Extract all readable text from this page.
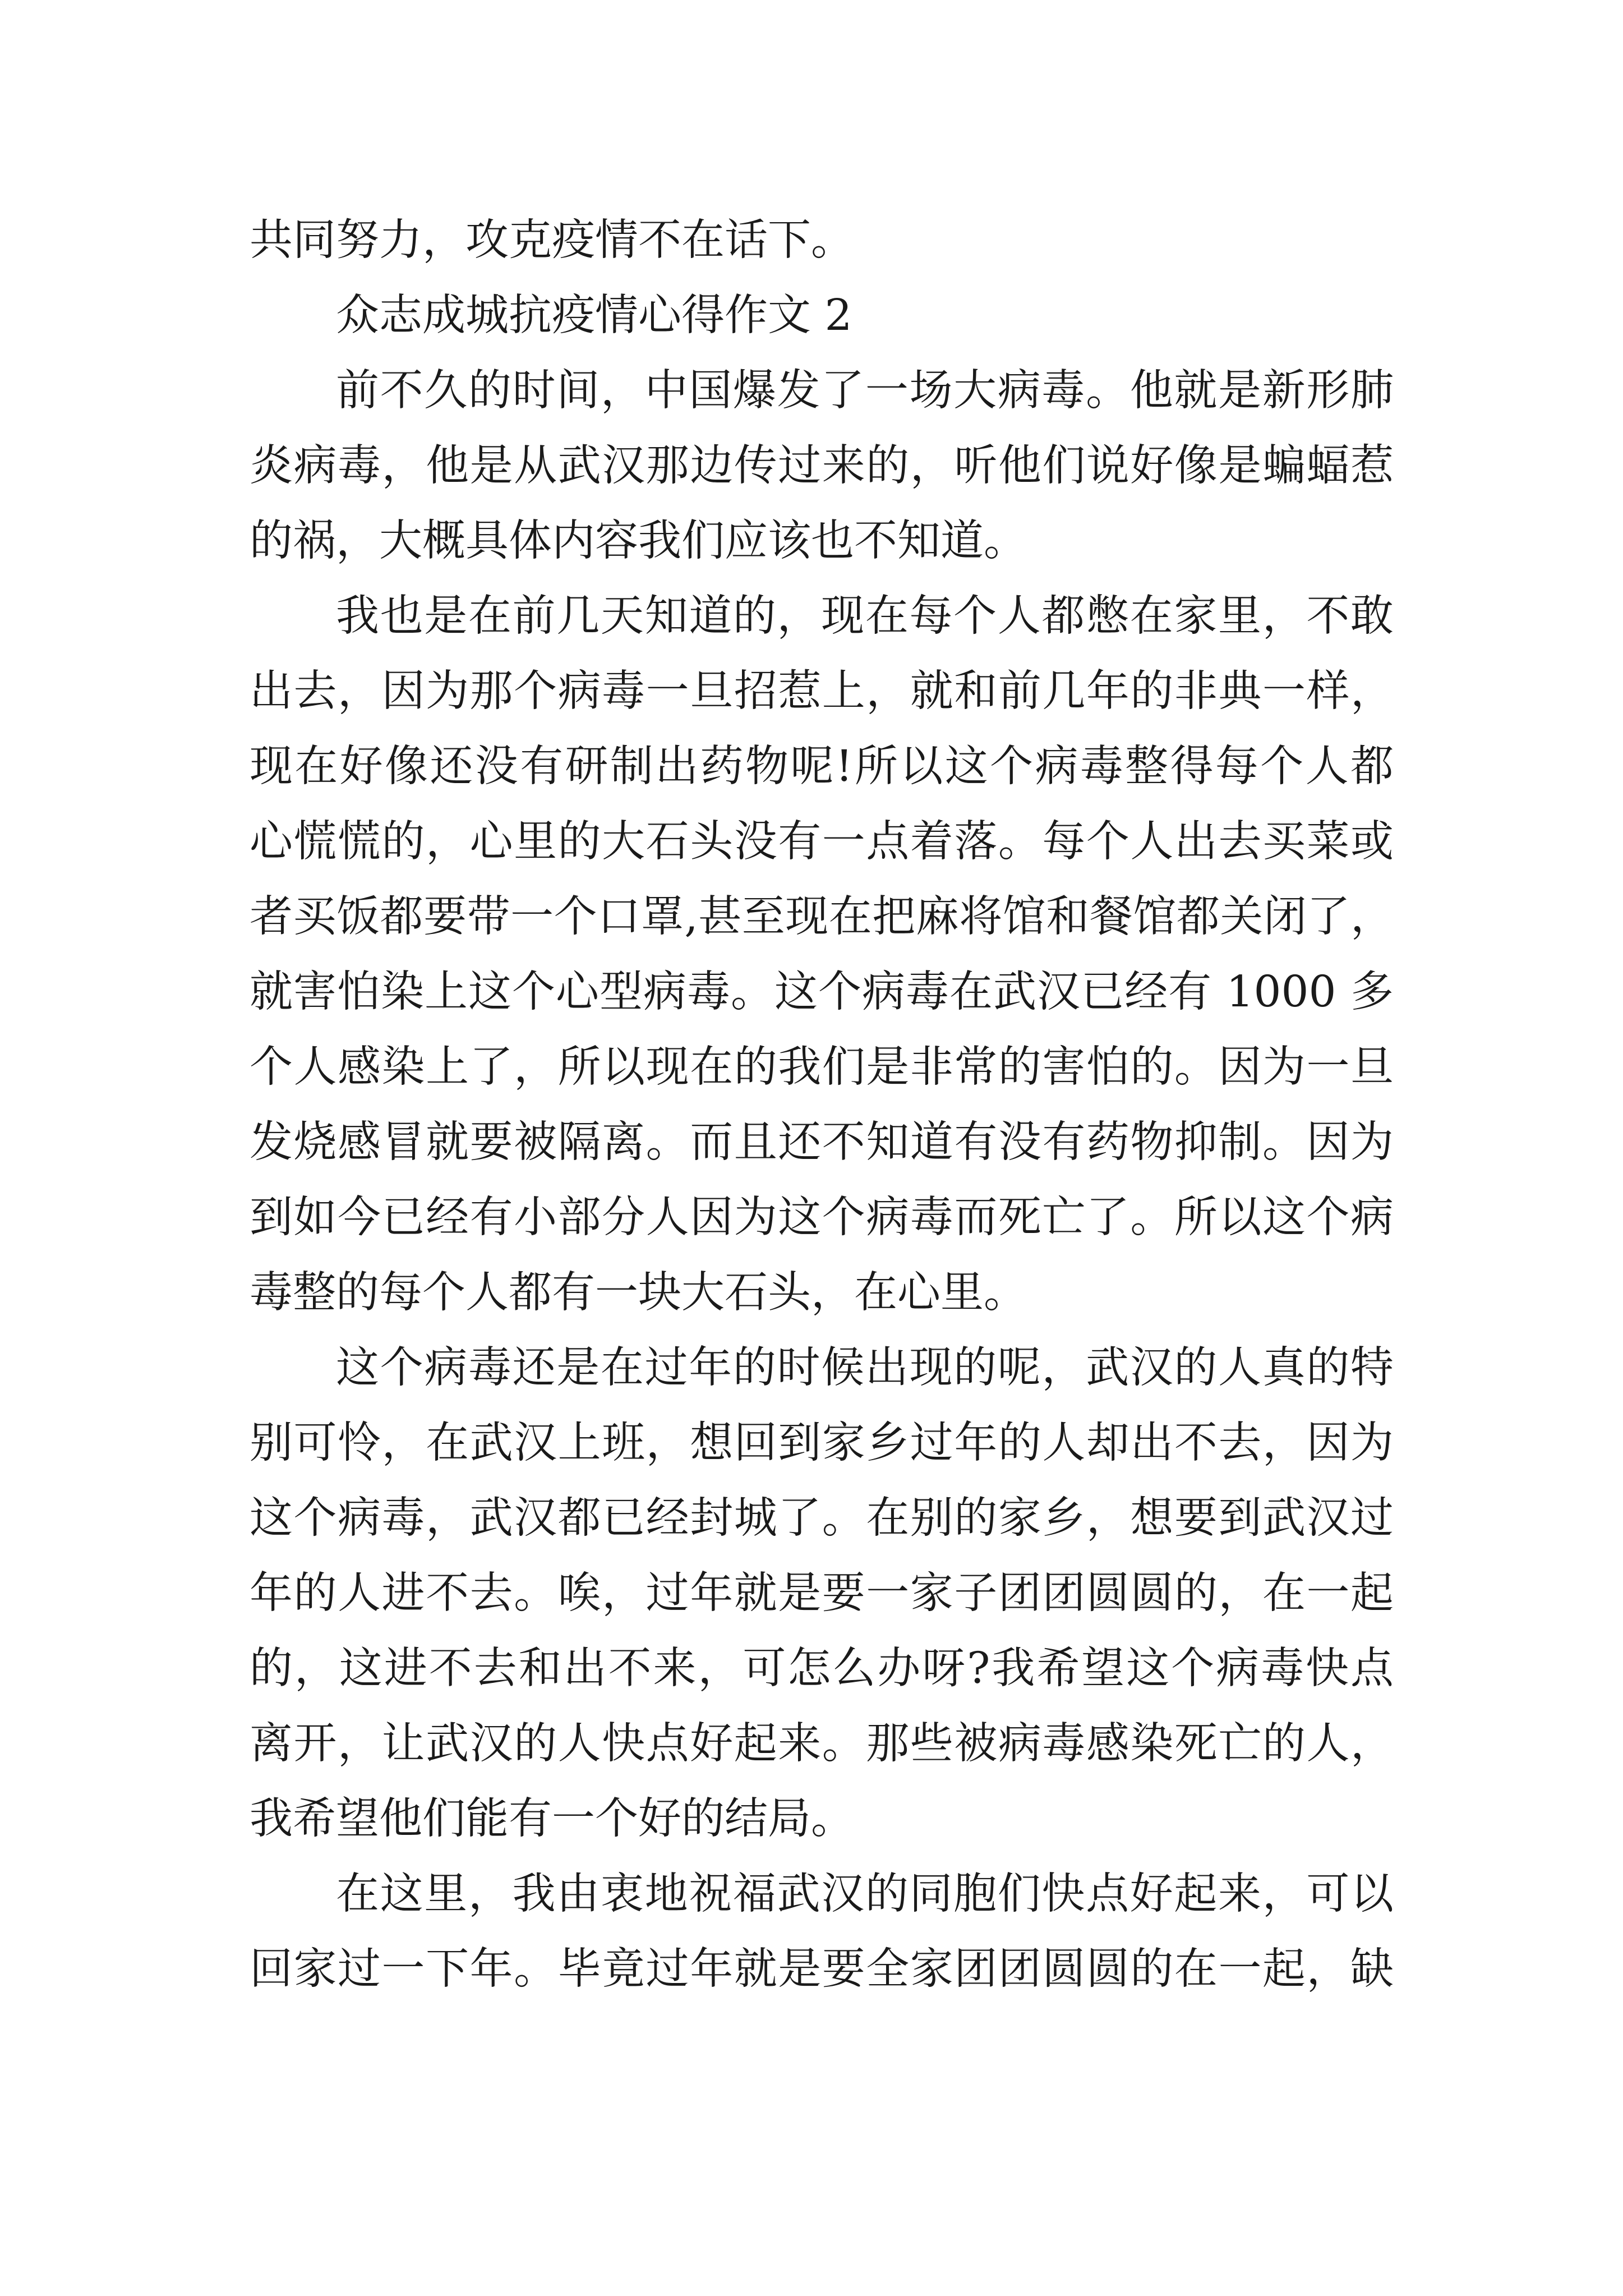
共同努力，攻克疫情不在话下。
众志成城抗疫情心得作文 2
前不久的时间，中国爆发了一场大病毒。他就是新形肺
炎病毒，他是从武汉那边传过来的，听他们说好像是蝙蝠惹
的祸，大概具体内容我们应该也不知道。
我也是在前几天知道的，现在每个人都憋在家里，不敢
出去，因为那个病毒一旦招惹上，就和前几年的非典一样，
现在好像还没有研制出药物呢!所以这个病毒整得每个人都
心慌慌的，心里的大石头没有一点着落。每个人出去买菜或
者买饭都要带一个口罩,甚至现在把麻将馆和餐馆都关闭了，
就害怕染上这个心型病毒。这个病毒在武汉已经有 1000 多
个人感染上了，所以现在的我们是非常的害怕的。因为一旦
发烧感冒就要被隔离。而且还不知道有没有药物抑制。因为
到如今已经有小部分人因为这个病毒而死亡了。所以这个病
毒整的每个人都有一块大石头，在心里。
这个病毒还是在过年的时候出现的呢，武汉的人真的特
别可怜，在武汉上班，想回到家乡过年的人却出不去，因为
这个病毒，武汉都已经封城了。在别的家乡，想要到武汉过
年的人进不去。唉，过年就是要一家子团团圆圆的，在一起
的，这进不去和出不来，可怎么办呀?我希望这个病毒快点
离开，让武汉的人快点好起来。那些被病毒感染死亡的人，
我希望他们能有一个好的结局。
在这里，我由衷地祝福武汉的同胞们快点好起来，可以
回家过一下年。毕竟过年就是要全家团团圆圆的在一起，缺
